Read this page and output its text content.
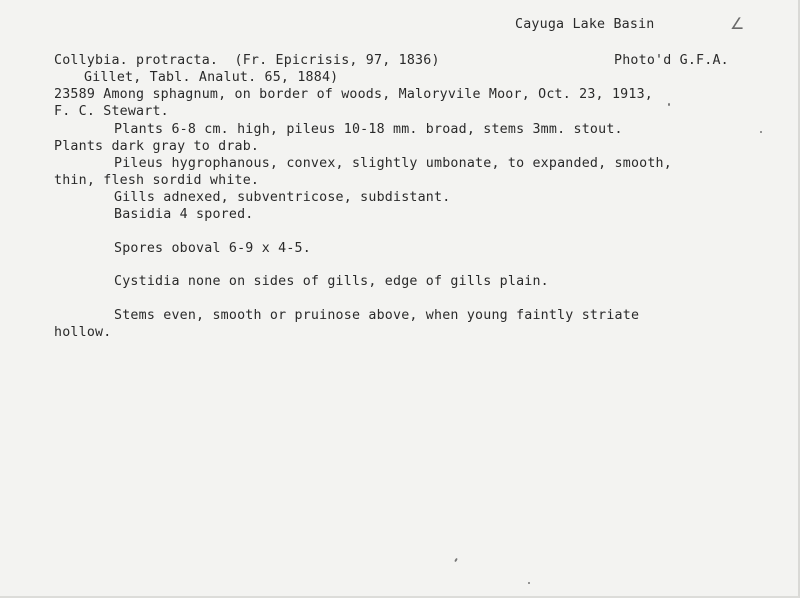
Cayuga Lake Basin	∠
Collybia. protracta.  (Fr. Epicrisis, 97, 1836)	Photo'd G.F.A.
Gillet, Tabl. Analut. 65, 1884)
23589 Among sphagnum, on border of woods, Maloryvile Moor, Oct. 23, 1913,
F. C. Stewart.
Plants 6-8 cm. high, pileus 10-18 mm. broad, stems 3mm. stout.
Plants dark gray to drab.
Pileus hygrophanous, convex, slightly umbonate, to expanded, smooth,
thin, flesh sordid white.
Gills adnexed, subventricose, subdistant.
Basidia 4 spored.
Spores oboval 6-9 x 4-5.
Cystidia none on sides of gills, edge of gills plain.
Stems even, smooth or pruinose above, when young faintly striate
hollow.
